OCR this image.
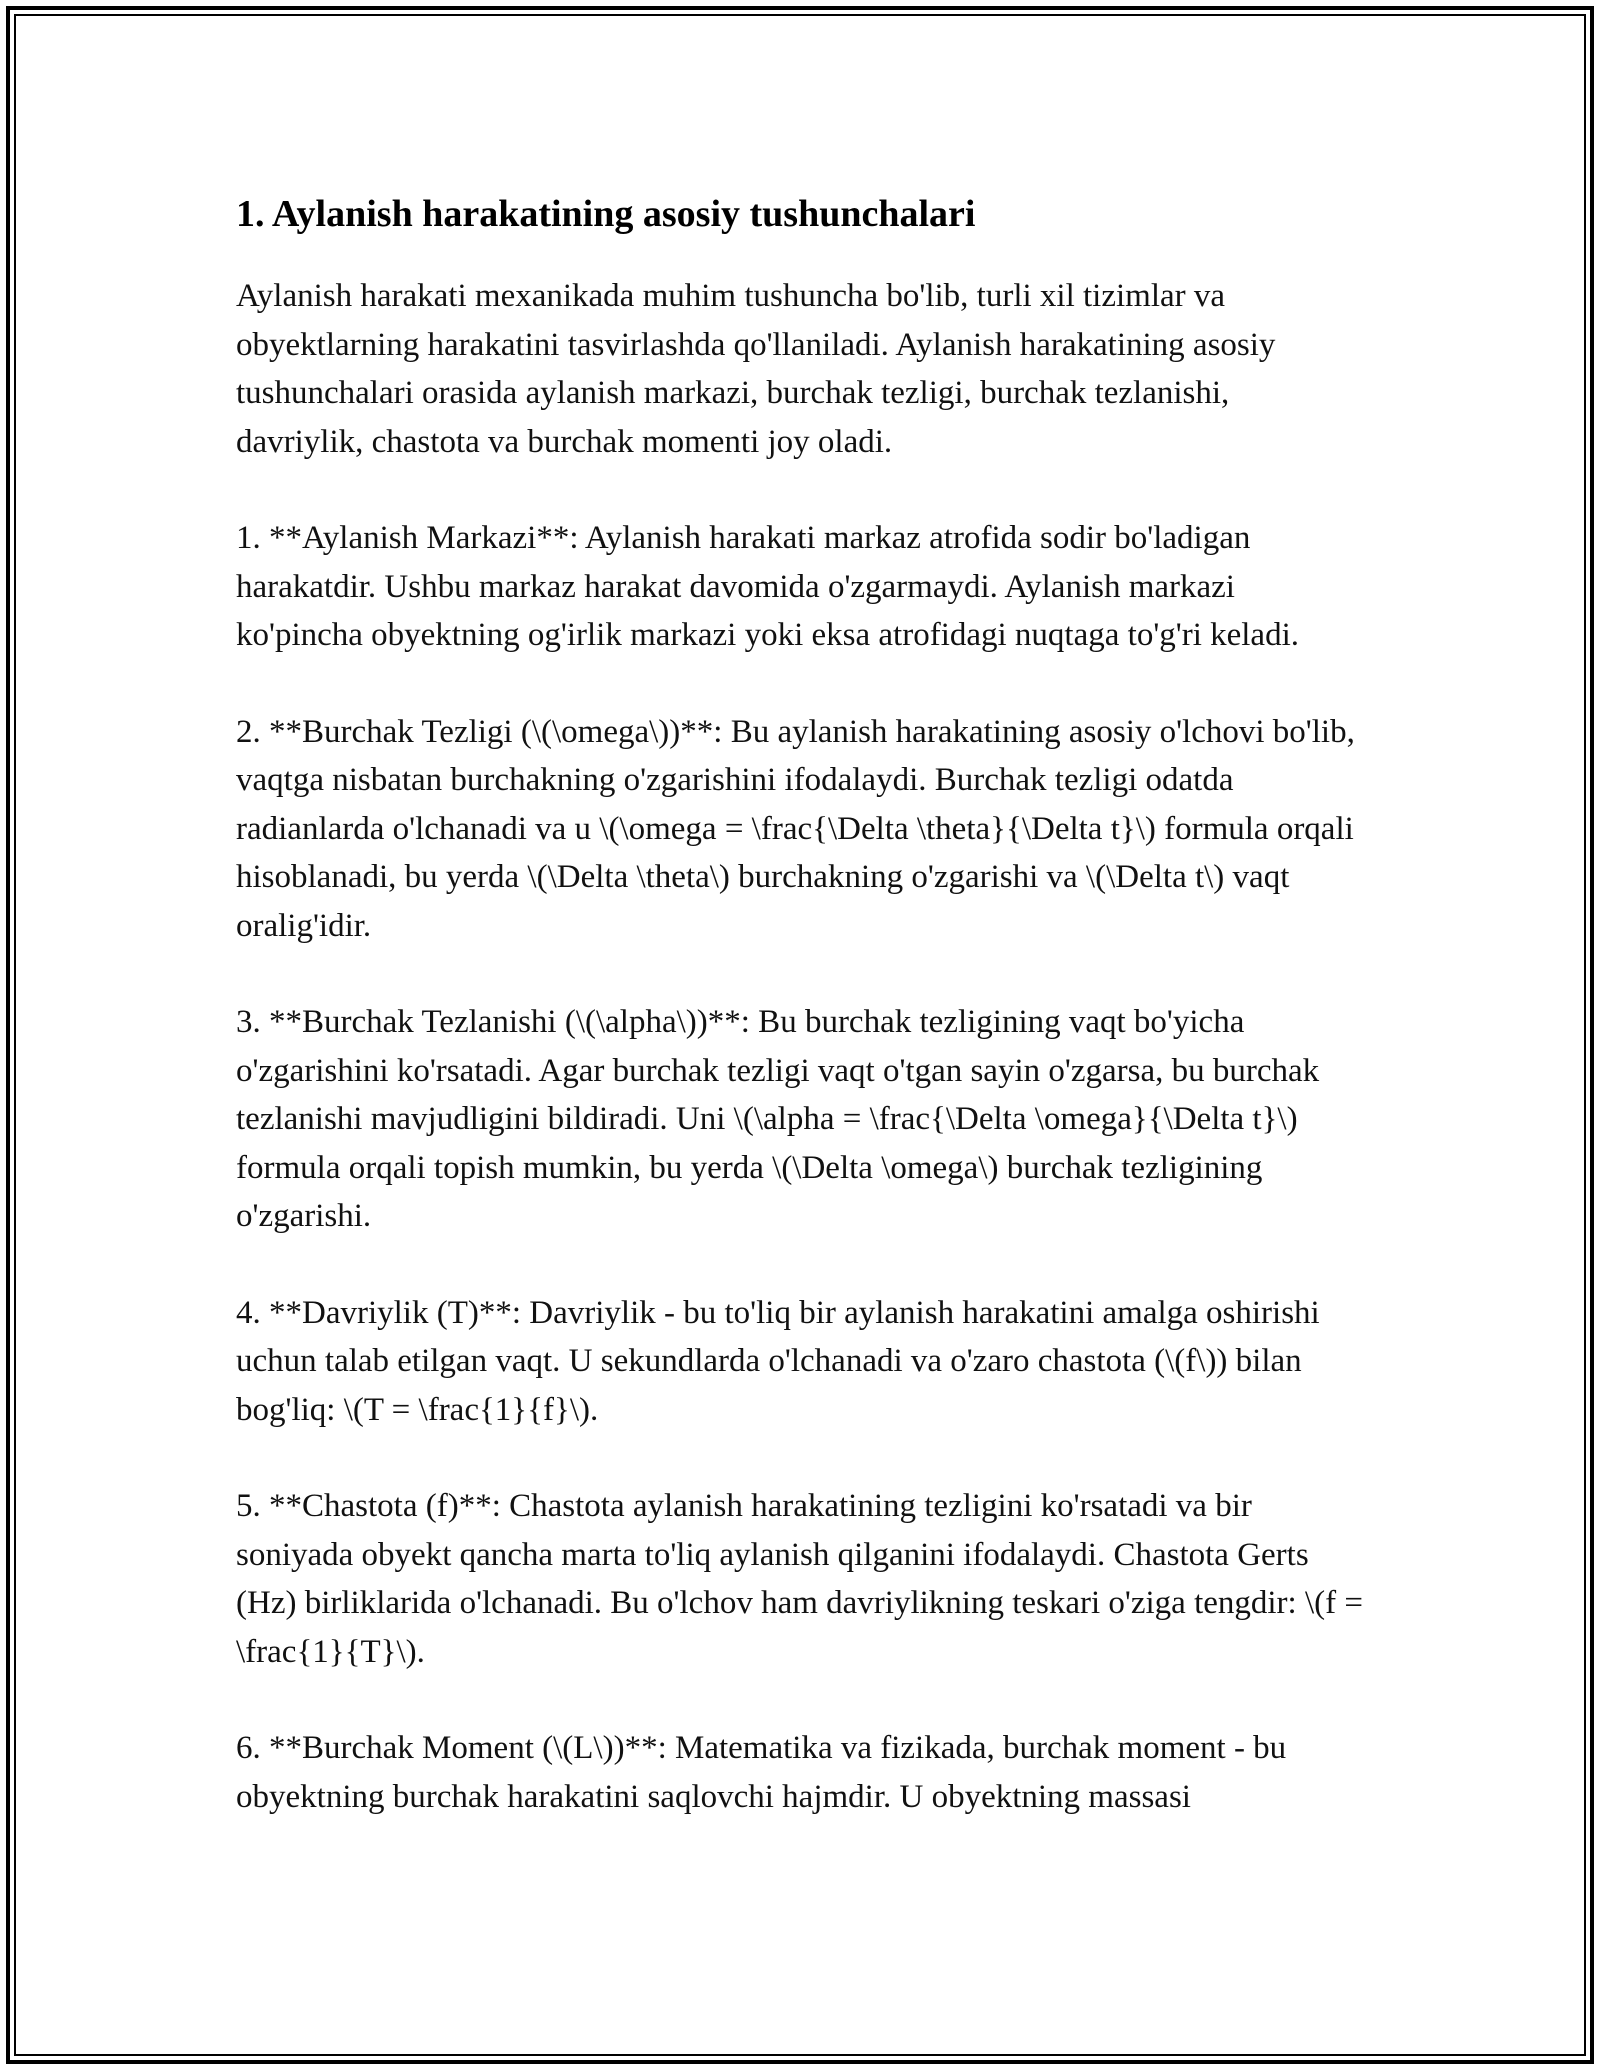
1. Aylanish harakatining asosiy tushunchalari

Aylanish harakati mexanikada muhim tushuncha bo'lib, turli xil tizimlar va obyektlarning harakatini tasvirlashda qo'llaniladi. Aylanish harakatining asosiy tushunchalari orasida aylanish markazi, burchak tezligi, burchak tezlanishi, davriylik, chastota va burchak momenti joy oladi.

1. **Aylanish Markazi**: Aylanish harakati markaz atrofida sodir bo'ladigan harakatdir. Ushbu markaz harakat davomida o'zgarmaydi. Aylanish markazi ko'pincha obyektning og'irlik markazi yoki eksa atrofidagi nuqtaga to'g'ri keladi.

2. **Burchak Tezligi (\(\omega\))**: Bu aylanish harakatining asosiy o'lchovi bo'lib, vaqtga nisbatan burchakning o'zgarishini ifodalaydi. Burchak tezligi odatda radianlarda o'lchanadi va u \(\omega = \frac{\Delta \theta}{\Delta t}\) formula orqali hisoblanadi, bu yerda \(\Delta \theta\) burchakning o'zgarishi va \(\Delta t\) vaqt oralig'idir.

3. **Burchak Tezlanishi (\(\alpha\))**: Bu burchak tezligining vaqt bo'yicha o'zgarishini ko'rsatadi. Agar burchak tezligi vaqt o'tgan sayin o'zgarsa, bu burchak tezlanishi mavjudligini bildiradi. Uni \(\alpha = \frac{\Delta \omega}{\Delta t}\) formula orqali topish mumkin, bu yerda \(\Delta \omega\) burchak tezligining o'zgarishi.

4. **Davriylik (T)**: Davriylik - bu to'liq bir aylanish harakatini amalga oshirishi uchun talab etilgan vaqt. U sekundlarda o'lchanadi va o'zaro chastota (\(f\)) bilan bog'liq: \(T = \frac{1}{f}\).

5. **Chastota (f)**: Chastota aylanish harakatining tezligini ko'rsatadi va bir soniyada obyekt qancha marta to'liq aylanish qilganini ifodalaydi. Chastota Gerts (Hz) birliklarida o'lchanadi. Bu o'lchov ham davriylikning teskari o'ziga tengdir: \(f = \frac{1}{T}\).

6. **Burchak Moment (\(L\))**: Matematika va fizikada, burchak moment - bu obyektning burchak harakatini saqlovchi hajmdir. U obyektning massasi
